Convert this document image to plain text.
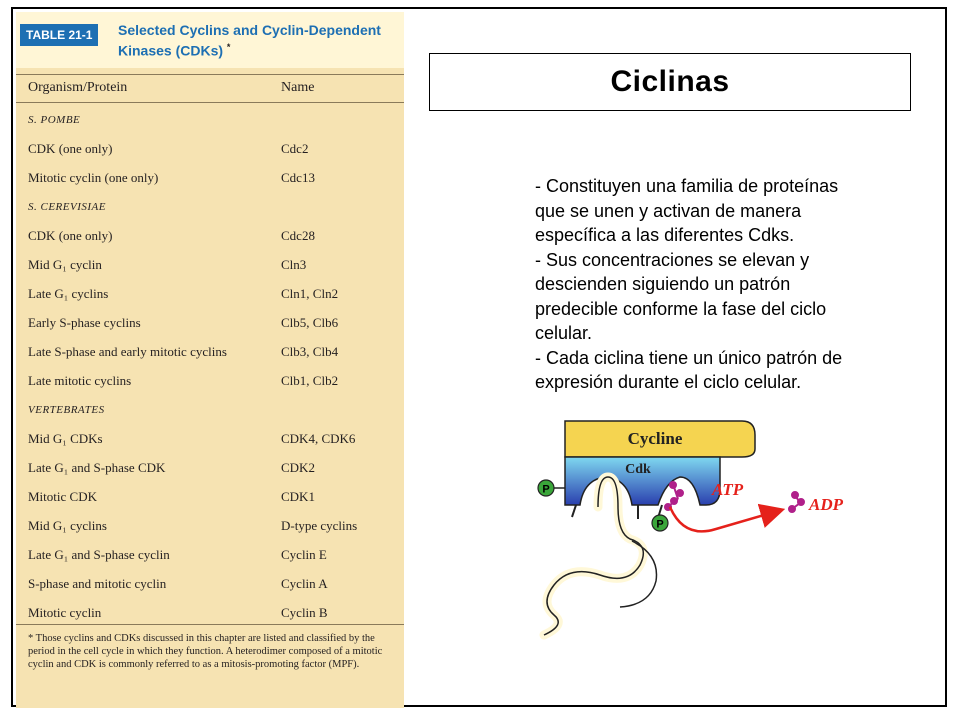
TABLE 21-1	Selected Cyclins and Cyclin-Dependent Kinases (CDKs) *
Organism/Protein	Name
S. POMBE
CDK (one only)	Cdc2
Mitotic cyclin (one only)	Cdc13
S. CEREVISIAE
CDK (one only)	Cdc28
Mid G₁ cyclin	Cln3
Late G₁ cyclins	Cln1, Cln2
Early S-phase cyclins	Clb5, Clb6
Late S-phase and early mitotic cyclins	Clb3, Clb4
Late mitotic cyclins	Clb1, Clb2
VERTEBRATES
Mid G₁ CDKs	CDK4, CDK6
Late G₁ and S-phase CDK	CDK2
Mitotic CDK	CDK1
Mid G₁ cyclins	D-type cyclins
Late G₁ and S-phase cyclin	Cyclin E
S-phase and mitotic cyclin	Cyclin A
Mitotic cyclin	Cyclin B
* Those cyclins and CDKs discussed in this chapter are listed and classified by the period in the cell cycle in which they function. A heterodimer composed of a mitotic cyclin and CDK is commonly referred to as a mitosis-promoting factor (MPF).
Ciclinas
- Constituyen una familia de proteínas
que se unen y activan de manera
específica a las diferentes Cdks.
- Sus concentraciones se elevan y
descienden siguiendo un patrón
predecible conforme la fase del ciclo
celular.
- Cada ciclina tiene un único patrón de
expresión durante el ciclo celular.
Cycline
Cdk
P
P
ATP
ADP
